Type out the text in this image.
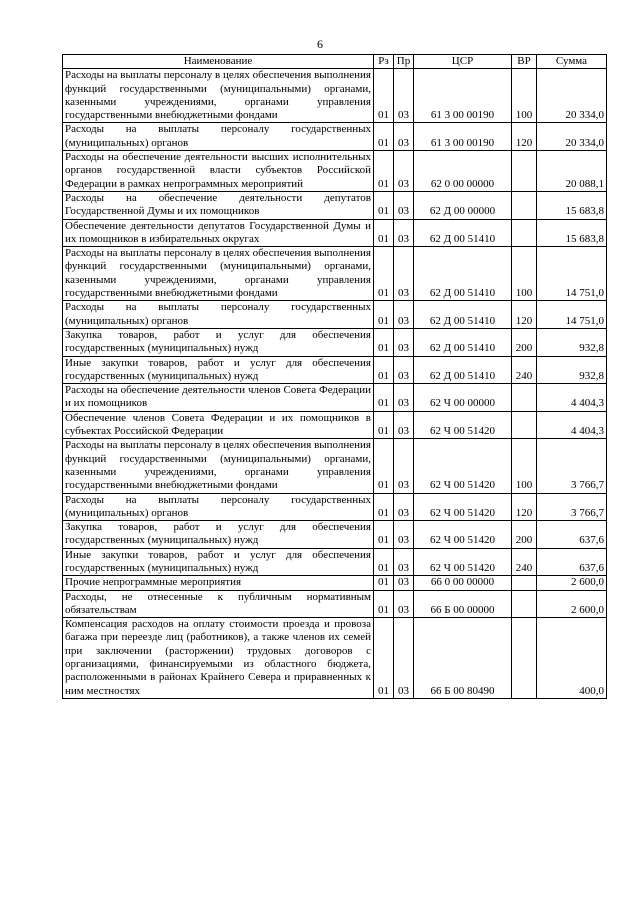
6
Наименование	Рз	Пр	ЦСР	ВР	Сумма
Расходы на выплаты персоналу в целях обеспечения выполнения функций государственными (муниципальными) органами, казенными учреждениями, органами управления государственными внебюджетными фондами	01	03	61 3 00 00190	100	20 334,0
Расходы на выплаты персоналу государственных (муниципальных) органов	01	03	61 3 00 00190	120	20 334,0
Расходы на обеспечение деятельности высших исполнительных органов государственной власти субъектов Российской Федерации в рамках непрограммных мероприятий	01	03	62 0 00 00000		20 088,1
Расходы на обеспечение деятельности депутатов Государственной Думы и их помощников	01	03	62 Д 00 00000		15 683,8
Обеспечение деятельности депутатов Государственной Думы и их помощников в избирательных округах	01	03	62 Д 00 51410		15 683,8
Расходы на выплаты персоналу в целях обеспечения выполнения функций государственными (муниципальными) органами, казенными учреждениями, органами управления государственными внебюджетными фондами	01	03	62 Д 00 51410	100	14 751,0
Расходы на выплаты персоналу государственных (муниципальных) органов	01	03	62 Д 00 51410	120	14 751,0
Закупка товаров, работ и услуг для обеспечения государственных (муниципальных) нужд	01	03	62 Д 00 51410	200	932,8
Иные закупки товаров, работ и услуг для обеспечения государственных (муниципальных) нужд	01	03	62 Д 00 51410	240	932,8
Расходы на обеспечение деятельности членов Совета Федерации и их помощников	01	03	62 Ч 00 00000		4 404,3
Обеспечение членов Совета Федерации и их помощников в субъектах Российской Федерации	01	03	62 Ч 00 51420		4 404,3
Расходы на выплаты персоналу в целях обеспечения выполнения функций государственными (муниципальными) органами, казенными учреждениями, органами управления государственными внебюджетными фондами	01	03	62 Ч 00 51420	100	3 766,7
Расходы на выплаты персоналу государственных (муниципальных) органов	01	03	62 Ч 00 51420	120	3 766,7
Закупка товаров, работ и услуг для обеспечения государственных (муниципальных) нужд	01	03	62 Ч 00 51420	200	637,6
Иные закупки товаров, работ и услуг для обеспечения государственных (муниципальных) нужд	01	03	62 Ч 00 51420	240	637,6
Прочие непрограммные мероприятия	01	03	66 0 00 00000		2 600,0
Расходы, не отнесенные к публичным нормативным обязательствам	01	03	66 Б 00 00000		2 600,0
Компенсация расходов на оплату стоимости проезда и провоза багажа при переезде лиц (работников), а также членов их семей при заключении (расторжении) трудовых договоров с организациями, финансируемыми из областного бюджета, расположенными в районах Крайнего Севера и приравненных к ним местностях	01	03	66 Б 00 80490		400,0
